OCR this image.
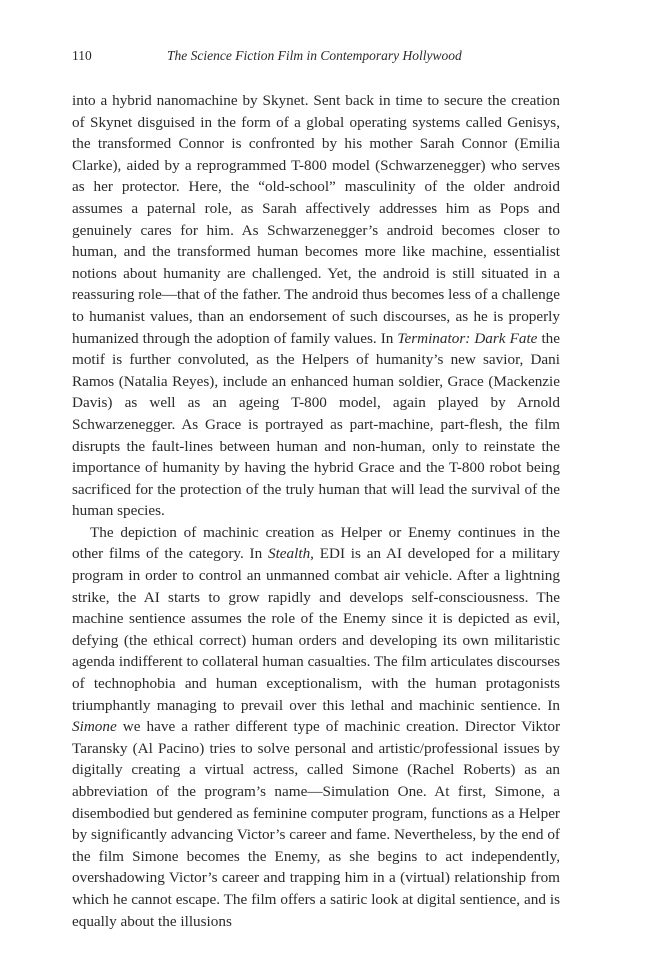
110	The Science Fiction Film in Contemporary Hollywood

into a hybrid nanomachine by Skynet. Sent back in time to secure the creation of Skynet disguised in the form of a global operating systems called Genisys, the transformed Connor is confronted by his mother Sarah Connor (Emilia Clarke), aided by a reprogrammed T-800 model (Schwarzenegger) who serves as her protector. Here, the “old-school” masculinity of the older android assumes a paternal role, as Sarah affectively addresses him as Pops and genuinely cares for him. As Schwarzenegger’s android becomes closer to human, and the transformed human becomes more like machine, essentialist notions about humanity are challenged. Yet, the android is still situated in a reassuring role—that of the father. The android thus becomes less of a challenge to humanist values, than an endorsement of such discourses, as he is properly humanized through the adoption of family values. In Terminator: Dark Fate the motif is further convoluted, as the Helpers of humanity’s new savior, Dani Ramos (Natalia Reyes), include an enhanced human soldier, Grace (Mackenzie Davis) as well as an ageing T-800 model, again played by Arnold Schwarzenegger. As Grace is portrayed as part-machine, part-flesh, the film disrupts the fault-lines between human and non-human, only to reinstate the importance of humanity by having the hybrid Grace and the T-800 robot being sacrificed for the protection of the truly human that will lead the survival of the human species.

The depiction of machinic creation as Helper or Enemy continues in the other films of the category. In Stealth, EDI is an AI developed for a military program in order to control an unmanned combat air vehicle. After a lightning strike, the AI starts to grow rapidly and develops self-consciousness. The machine sentience assumes the role of the Enemy since it is depicted as evil, defying (the ethical correct) human orders and developing its own militaristic agenda indifferent to collateral human casualties. The film articulates discourses of technophobia and human exceptionalism, with the human protagonists triumphantly managing to prevail over this lethal and machinic sentience. In Simone we have a rather different type of machinic creation. Director Viktor Taransky (Al Pacino) tries to solve personal and artistic/professional issues by digitally creating a virtual actress, called Simone (Rachel Roberts) as an abbreviation of the program’s name—Simulation One. At first, Simone, a disembodied but gendered as feminine computer program, functions as a Helper by significantly advancing Victor’s career and fame. Nevertheless, by the end of the film Simone becomes the Enemy, as she begins to act independently, overshadowing Victor’s career and trapping him in a (virtual) relationship from which he cannot escape. The film offers a satiric look at digital sentience, and is equally about the illusions
